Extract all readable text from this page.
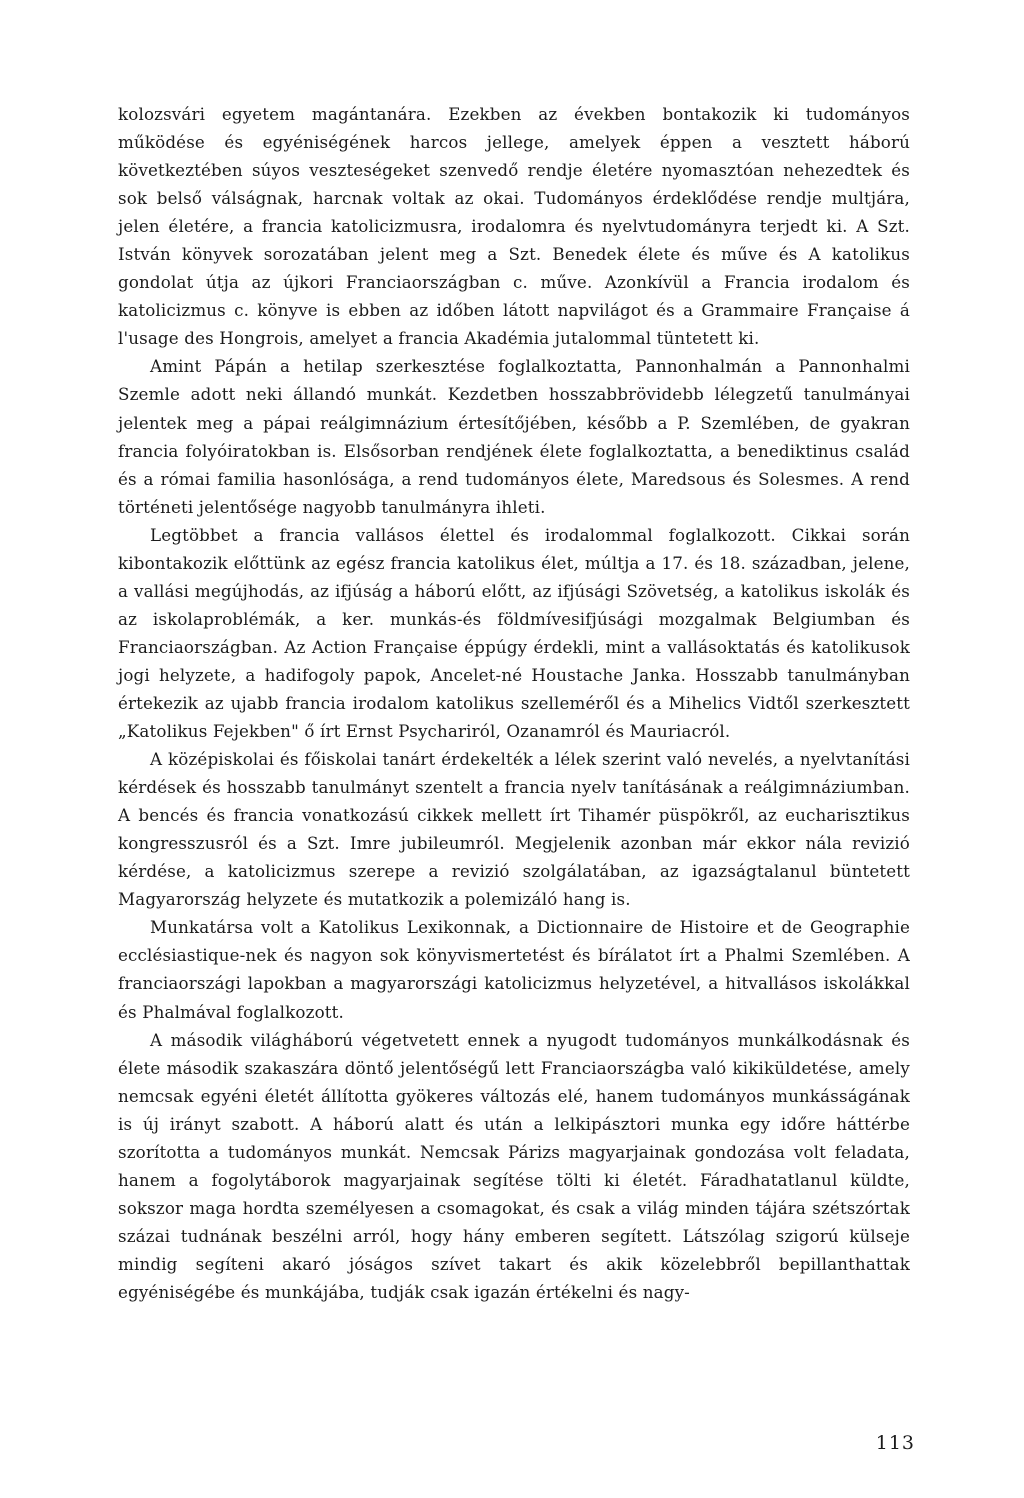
kolozsvári egyetem magántanára. Ezekben az években bontakozik ki tudományos működése és egyéniségének harcos jellege, amelyek éppen a vesztett háború következtében súyos veszteségeket szenvedő rendje életére nyomasztóan nehezedtek és sok belső válságnak, harcnak voltak az okai. Tudományos érdeklődése rendje multjára, jelen életére, a francia katolicizmusra, irodalomra és nyelvtudományra terjedt ki. A Szt. István könyvek sorozatában jelent meg a Szt. Benedek élete és műve és A katolikus gondolat útja az újkori Franciaországban c. műve. Azonkívül a Francia irodalom és katolicizmus c. könyve is ebben az időben látott napvilágot és a Grammaire Française á l'usage des Hongrois, amelyet a francia Akadémia jutalommal tüntetett ki.

Amint Pápán a hetilap szerkesztése foglalkoztatta, Pannonhalmán a Pannonhalmi Szemle adott neki állandó munkát. Kezdetben hosszabbrövidebb lélegzetű tanulmányai jelentek meg a pápai reálgimnázium értesítőjében, később a P. Szemlében, de gyakran francia folyóiratokban is. Elsősorban rendjének élete foglalkoztatta, a benediktinus család és a római familia hasonlósága, a rend tudományos élete, Maredsous és Solesmes. A rend történeti jelentősége nagyobb tanulmányra ihleti.

Legtöbbet a francia vallásos élettel és irodalommal foglalkozott. Cikkai során kibontakozik előttünk az egész francia katolikus élet, múltja a 17. és 18. században, jelene, a vallási megújhodás, az ifjúság a háború előtt, az ifjúsági Szövetség, a katolikus iskolák és az iskolaproblémák, a ker. munkás-és földmívesifjúsági mozgalmak Belgiumban és Franciaországban. Az Action Française éppúgy érdekli, mint a vallásoktatás és katolikusok jogi helyzete, a hadifogoly papok, Ancelet-né Houstache Janka. Hosszabb tanulmányban értekezik az ujabb francia irodalom katolikus szelleméről és a Mihelics Vidtől szerkesztett „Katolikus Fejekben" ő írt Ernst Psychariról, Ozanamról és Mauriacról.

A középiskolai és főiskolai tanárt érdekelték a lélek szerint való nevelés, a nyelvtanítási kérdések és hosszabb tanulmányt szentelt a francia nyelv tanításának a reálgimnáziumban. A bencés és francia vonatkozású cikkek mellett írt Tihamér püspökről, az eucharisztikus kongresszusról és a Szt. Imre jubileumról. Megjelenik azonban már ekkor nála revizió kérdése, a katolicizmus szerepe a revizió szolgálatában, az igazságtalanul büntetett Magyarország helyzete és mutatkozik a polemizáló hang is.

Munkatársa volt a Katolikus Lexikonnak, a Dictionnaire de Histoire et de Geographie ecclésiastique-nek és nagyon sok könyvismertetést és bírálatot írt a Phalmi Szemlében. A franciaországi lapokban a magyarországi katolicizmus helyzetével, a hitvallásos iskolákkal és Phalmával foglalkozott.

A második világháború végetvetett ennek a nyugodt tudományos munkálkodásnak és élete második szakaszára döntő jelentőségű lett Franciaországba való kikiküldetése, amely nemcsak egyéni életét állította gyökeres változás elé, hanem tudományos munkásságának is új irányt szabott. A háború alatt és után a lelkipásztori munka egy időre háttérbe szorította a tudományos munkát. Nemcsak Párizs magyarjainak gondozása volt feladata, hanem a fogolytáborok magyarjainak segítése tölti ki életét. Fáradhatatlanul küldte, sokszor maga hordta személyesen a csomagokat, és csak a világ minden tájára szétszórtak százai tudnának beszélni arról, hogy hány emberen segített. Látszólag szigorú külseje mindig segíteni akaró jóságos szívet takart és akik közelebbről bepillanthattak egyéniségébe és munkájába, tudják csak igazán értékelni és nagy-

113
